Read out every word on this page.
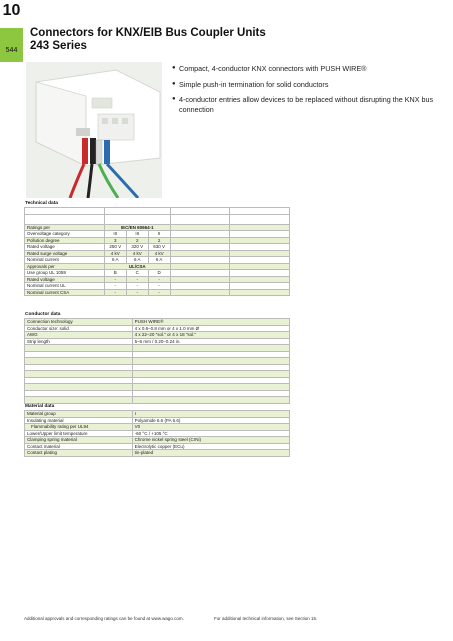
10
544
Connectors for KNX/EIB Bus Coupler Units
243 Series
● Compact, 4-conductor KNX connectors with PUSH WIRE®
● Simple push-in termination for solid conductors
● 4-conductor entries allow devices to be replaced without disrupting the KNX bus connection
Technical data

Ratings per	IEC/EN 60664-1				
Overvoltage category	III	III	II		
Pollution degree	3	2	2		
Rated voltage	250 V	320 V	630 V		
Rated surge voltage	4 kV	4 kV	4 kV		
Nominal current	6 A	6 A	6 A		
Approvals per	UL/CSA				
Use group UL 1059	B	C	D		
Rated voltage	-	-	-		
Nominal current UL	-	-	-		
Nominal current CSA	-	-	-		
Conductor data
Connection technology	PUSH WIRE®
Conductor size: solid	4 x 0.6–0.8 mm or 4 x 1.0 mm Ø
AWG	4 x 22–20 "sol." or 4 x 18 "sol."
Strip length	5–6 mm / 0.20–0.24 in.

Material data
Material group	I
Insulating material	Polyamide 6.6 (PA 6.6)
Flammability rating per UL94	V0
Lower/Upper limit temperature	-60 °C / +105 °C
Clamping spring material	Chrome nickel spring steel (CrNi)
Contact material	Electrolytic copper (ECu)
Contact plating	tin-plated
Additional approvals and corresponding ratings can be found at www.wago.com.	For additional technical information, see Section 15.
